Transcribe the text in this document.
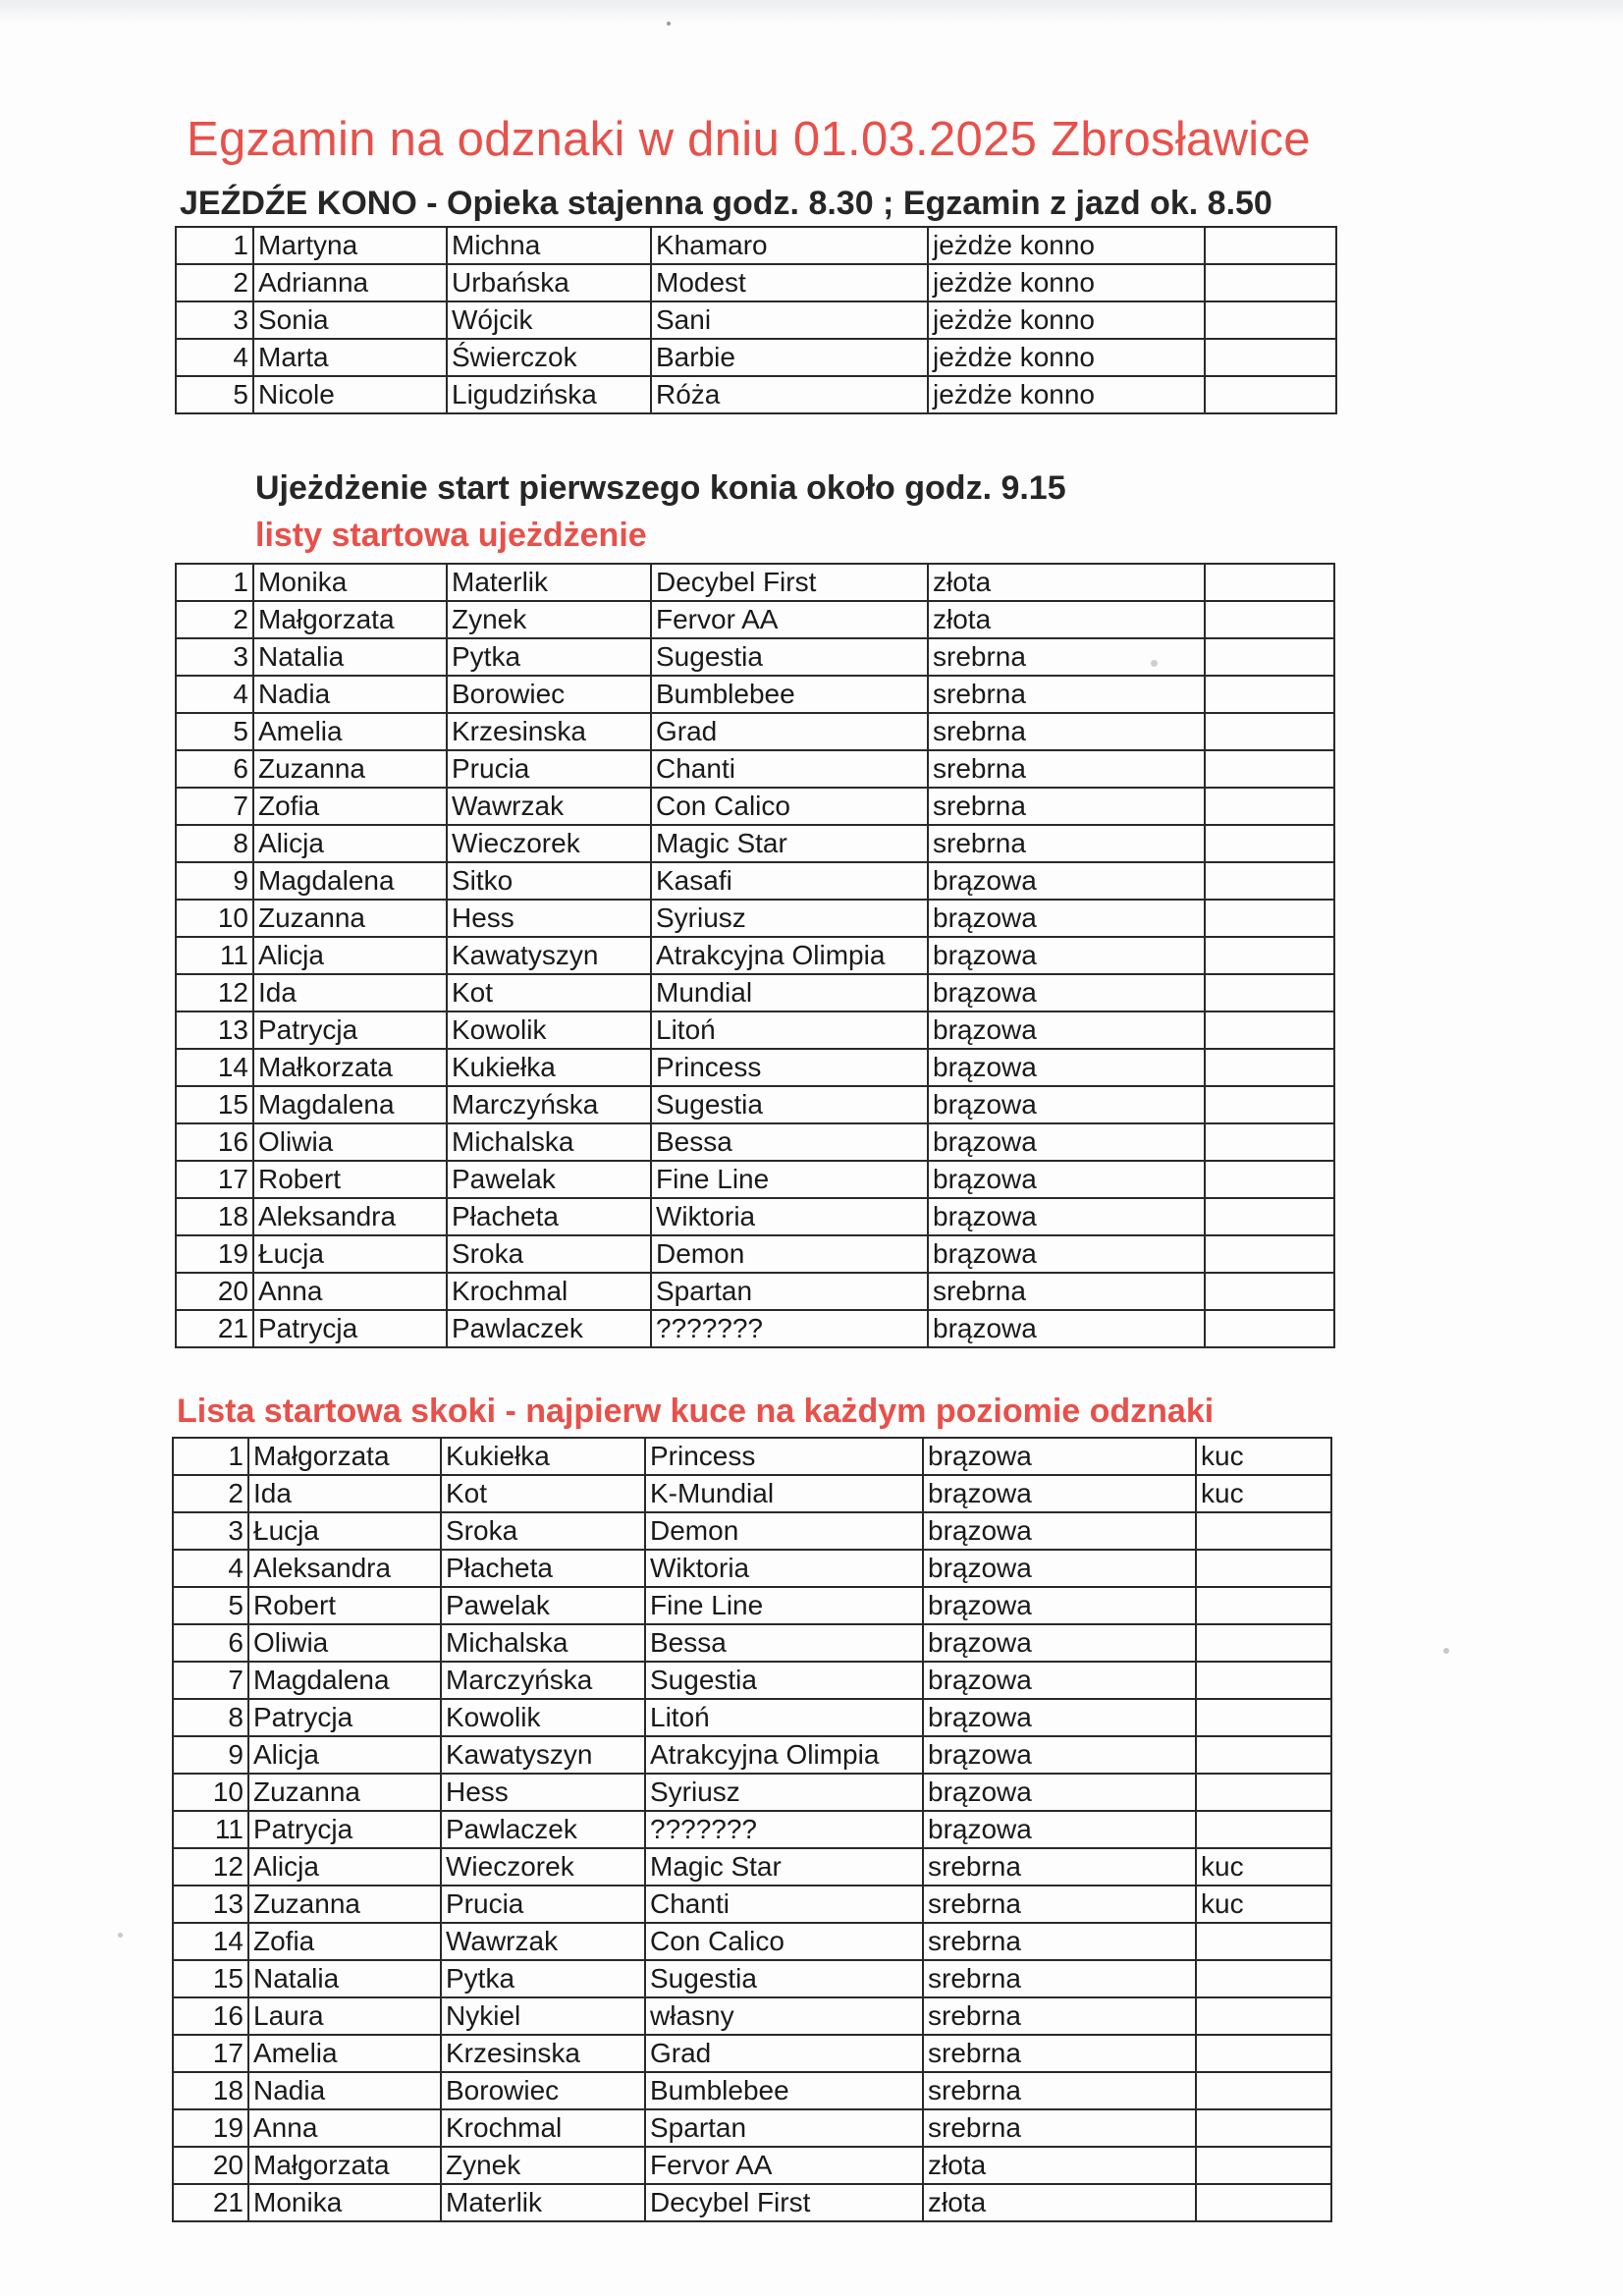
Egzamin na odznaki w dniu 01.03.2025 Zbrosławice
JEŹDŹE KONO - Opieka stajenna godz. 8.30 ; Egzamin z jazd ok. 8.50
1	Martyna	Michna	Khamaro	jeżdże konno	
2	Adrianna	Urbańska	Modest	jeżdże konno	
3	Sonia	Wójcik	Sani	jeżdże konno	
4	Marta	Świerczok	Barbie	jeżdże konno	
5	Nicole	Ligudzińska	Róża	jeżdże konno	
Ujeżdżenie start pierwszego konia około godz. 9.15
listy startowa ujeżdżenie
1	Monika	Materlik	Decybel First	złota	
2	Małgorzata	Zynek	Fervor AA	złota	
3	Natalia	Pytka	Sugestia	srebrna	
4	Nadia	Borowiec	Bumblebee	srebrna	
5	Amelia	Krzesinska	Grad	srebrna	
6	Zuzanna	Prucia	Chanti	srebrna	
7	Zofia	Wawrzak	Con Calico	srebrna	
8	Alicja	Wieczorek	Magic Star	srebrna	
9	Magdalena	Sitko	Kasafi	brązowa	
10	Zuzanna	Hess	Syriusz	brązowa	
11	Alicja	Kawatyszyn	Atrakcyjna Olimpia	brązowa	
12	Ida	Kot	Mundial	brązowa	
13	Patrycja	Kowolik	Litoń	brązowa	
14	Małkorzata	Kukiełka	Princess	brązowa	
15	Magdalena	Marczyńska	Sugestia	brązowa	
16	Oliwia	Michalska	Bessa	brązowa	
17	Robert	Pawelak	Fine Line	brązowa	
18	Aleksandra	Płacheta	Wiktoria	brązowa	
19	Łucja	Sroka	Demon	brązowa	
20	Anna	Krochmal	Spartan	srebrna	
21	Patrycja	Pawlaczek	???????	brązowa	
Lista startowa skoki - najpierw kuce na każdym poziomie odznaki
1	Małgorzata	Kukiełka	Princess	brązowa	kuc
2	Ida	Kot	K-Mundial	brązowa	kuc
3	Łucja	Sroka	Demon	brązowa	
4	Aleksandra	Płacheta	Wiktoria	brązowa	
5	Robert	Pawelak	Fine Line	brązowa	
6	Oliwia	Michalska	Bessa	brązowa	
7	Magdalena	Marczyńska	Sugestia	brązowa	
8	Patrycja	Kowolik	Litoń	brązowa	
9	Alicja	Kawatyszyn	Atrakcyjna Olimpia	brązowa	
10	Zuzanna	Hess	Syriusz	brązowa	
11	Patrycja	Pawlaczek	???????	brązowa	
12	Alicja	Wieczorek	Magic Star	srebrna	kuc
13	Zuzanna	Prucia	Chanti	srebrna	kuc
14	Zofia	Wawrzak	Con Calico	srebrna	
15	Natalia	Pytka	Sugestia	srebrna	
16	Laura	Nykiel	własny	srebrna	
17	Amelia	Krzesinska	Grad	srebrna	
18	Nadia	Borowiec	Bumblebee	srebrna	
19	Anna	Krochmal	Spartan	srebrna	
20	Małgorzata	Zynek	Fervor AA	złota	
21	Monika	Materlik	Decybel First	złota	
